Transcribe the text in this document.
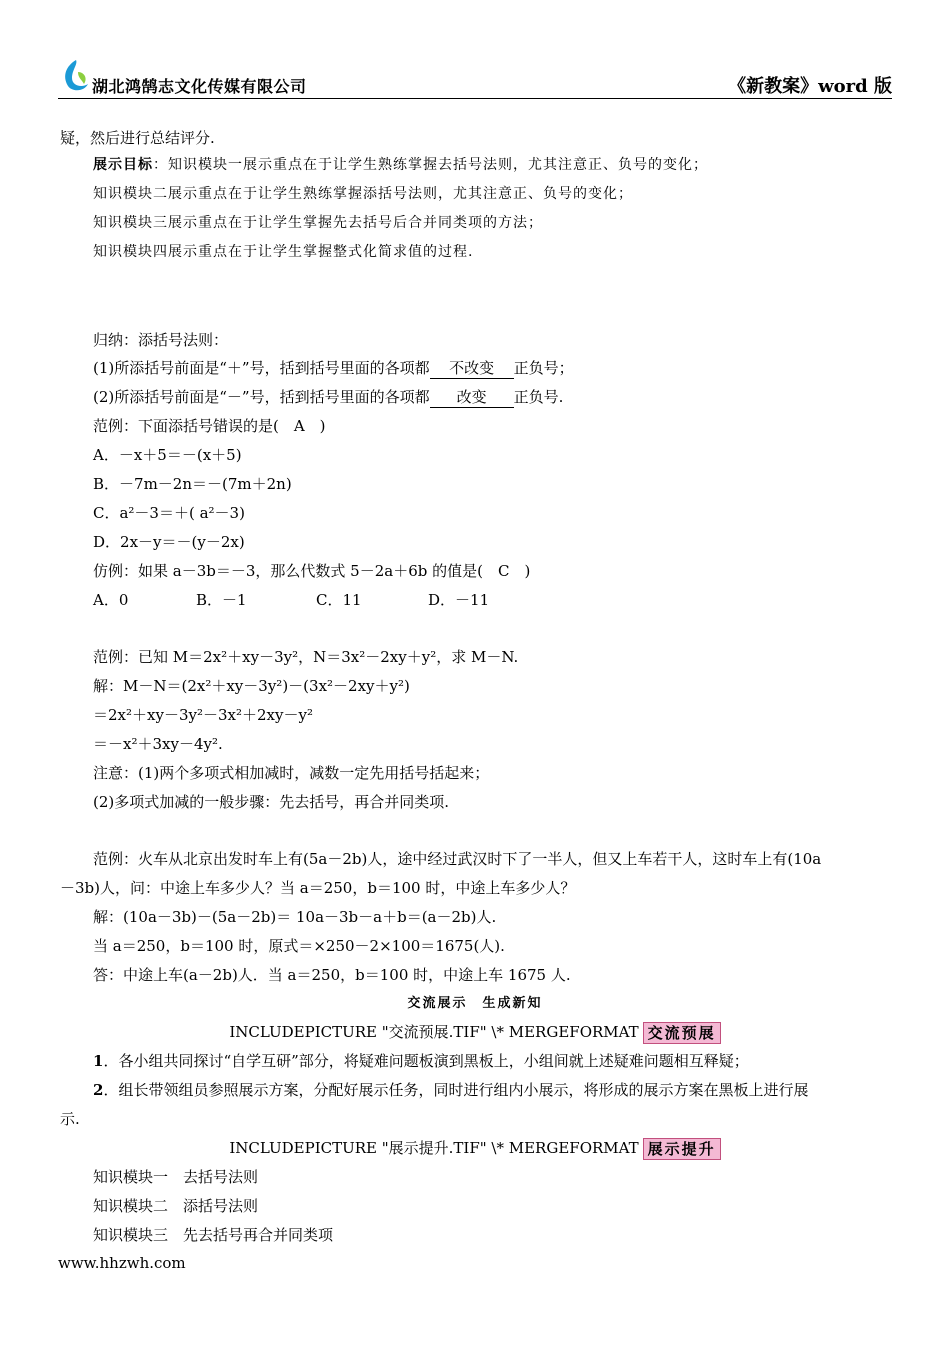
湖北鸿鹄志文化传媒有限公司	《新教案》word 版
疑，然后进行总结评分.
展示目标：知识模块一展示重点在于让学生熟练掌握去括号法则，尤其注意正、负号的变化；
知识模块二展示重点在于让学生熟练掌握添括号法则，尤其注意正、负号的变化；
知识模块三展示重点在于让学生掌握先去括号后合并同类项的方法；
知识模块四展示重点在于让学生掌握整式化简求值的过程.
归纳：添括号法则：
(1)所添括号前面是“＋”号，括到括号里面的各项都 不改变 正负号；
(2)所添括号前面是“－”号，括到括号里面的各项都 改变 正负号.
范例：下面添括号错误的是(　A　)
A．－x＋5＝－(x＋5)
B．－7m－2n＝－(7m＋2n)
C．a²－3＝＋( a²－3)
D．2x－y＝－(y－2x)
仿例：如果 a－3b＝－3，那么代数式 5－2a＋6b 的值是(　C　)
A．0	B．－1	C．11	D．－11
范例：已知 M＝2x²＋xy－3y²，N＝3x²－2xy＋y²，求 M－N.
解：M－N＝(2x²＋xy－3y²)－(3x²－2xy＋y²)
＝2x²＋xy－3y²－3x²＋2xy－y²
＝－x²＋3xy－4y².
注意：(1)两个多项式相加减时，减数一定先用括号括起来；
(2)多项式加减的一般步骤：先去括号，再合并同类项.
范例：火车从北京出发时车上有(5a－2b)人，途中经过武汉时下了一半人，但又上车若干人，这时车上有(10a
－3b)人，问：中途上车多少人？当 a＝250，b＝100 时，中途上车多少人？
解：(10a－3b)－(5a－2b)＝ 10a－3b－a＋b＝(a－2b)人.
当 a＝250，b＝100 时，原式＝×250－2×100＝1675(人).
答：中途上车(a－2b)人．当 a＝250，b＝100 时，中途上车 1675 人.
交流展示　生成新知
INCLUDEPICTURE "交流预展.TIF" \* MERGEFORMAT 交流预展
1．各小组共同探讨“自学互研”部分，将疑难问题板演到黑板上，小组间就上述疑难问题相互释疑；
2．组长带领组员参照展示方案，分配好展示任务，同时进行组内小展示，将形成的展示方案在黑板上进行展
示.
INCLUDEPICTURE "展示提升.TIF" \* MERGEFORMAT 展示提升
知识模块一　去括号法则
知识模块二　添括号法则
知识模块三　先去括号再合并同类项
www.hhzwh.com
